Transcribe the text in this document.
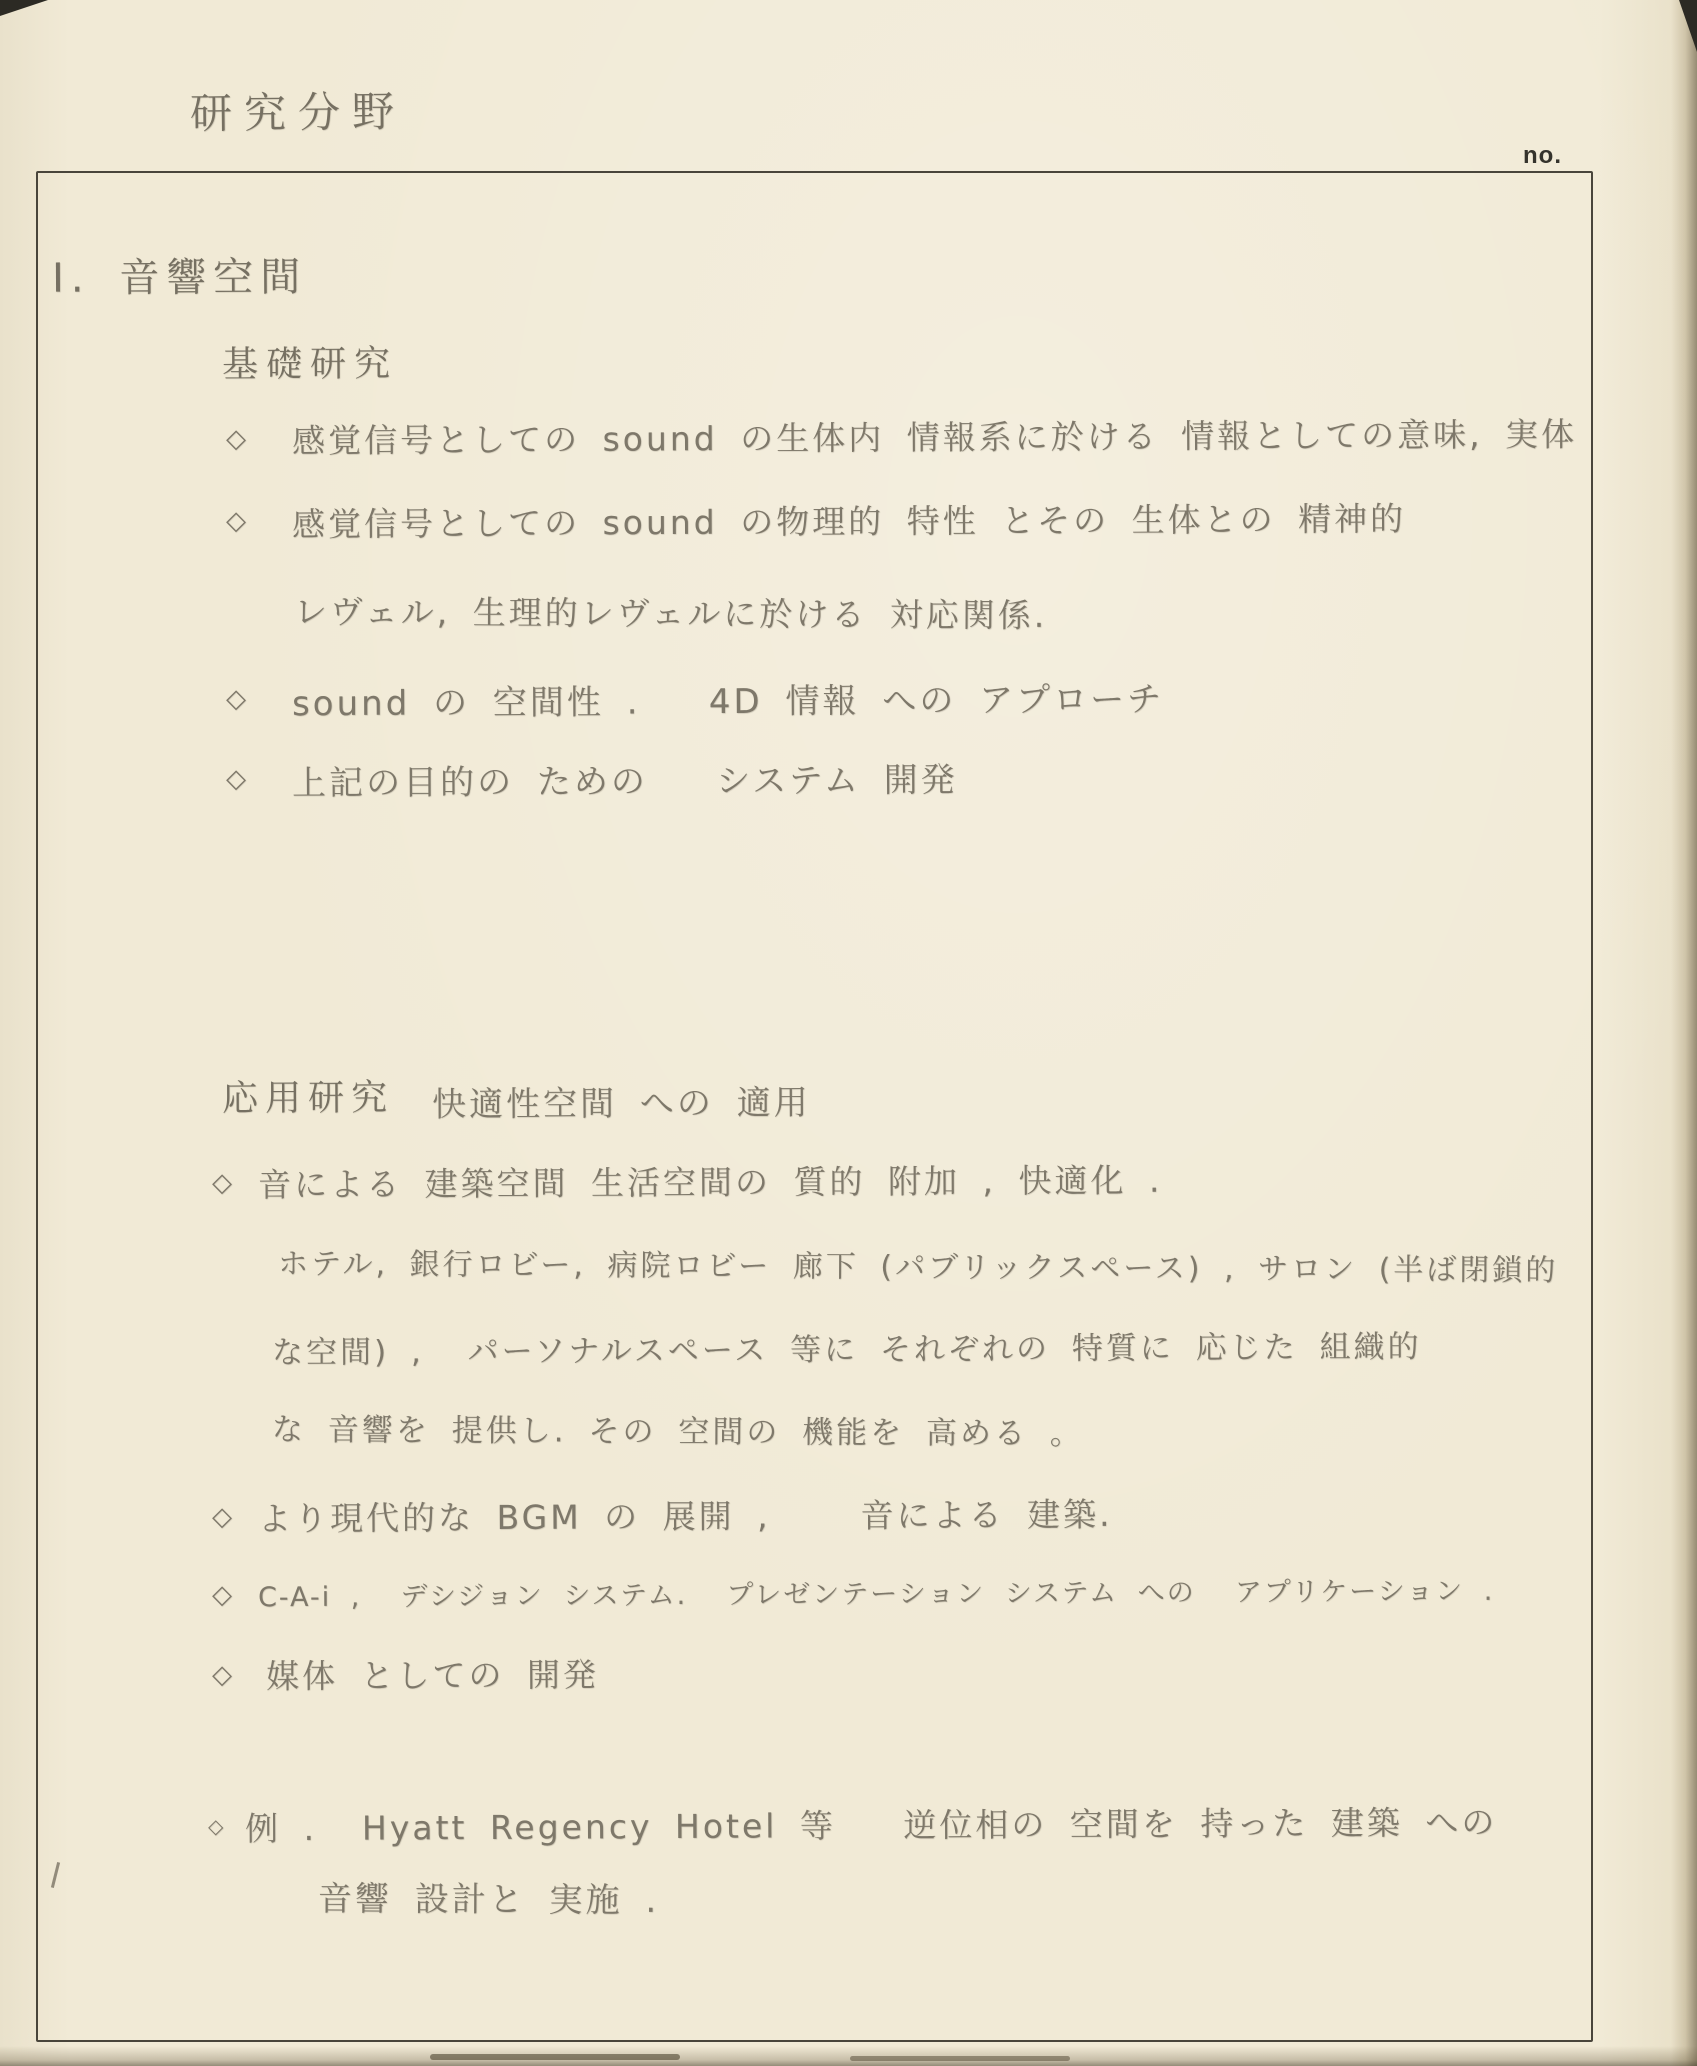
研究分野
no.
I. 音響空間
基礎研究
◇ 感覚信号としての sound の生体内 情報系に於ける 情報としての意味, 実体
◇ 感覚信号としての sound の物理的 特性 とその 生体との 精神的
レヴェル, 生理的レヴェルに於ける 対応関係.
◇ sound の 空間性 .   4D 情報 への アプローチ
◇ 上記の目的の ための   システム 開発
応用研究 快適性空間 への 適用
◇ 音による 建築空間 生活空間の 質的 附加 , 快適化 .
ホテル, 銀行ロビー, 病院ロビー 廊下 (パブリックスペース) , サロン (半ば閉鎖的
な空間) ,  パーソナルスペース 等に それぞれの 特質に 応じた 組織的
な 音響を 提供し. その 空間の 機能を 高める 。
◇ より現代的な BGM の 展開 ,    音による 建築.
◇ C-A-i ,  デシジョン システム.  プレゼンテーション システム への  アプリケーション .
◇ 媒体 としての 開発
◇ 例 .  Hyatt Regency Hotel 等   逆位相の 空間を 持った 建築 への
音響 設計と 実施 .
